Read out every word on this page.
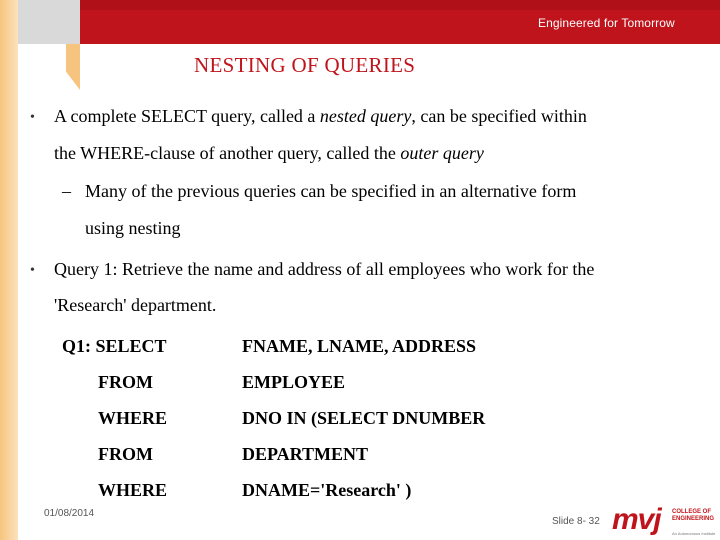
Engineered for Tomorrow
NESTING OF QUERIES
• A complete SELECT query, called a nested query, can be specified within
the WHERE-clause of another query, called the outer query
– Many of the previous queries can be specified in an alternative form
using nesting
• Query 1: Retrieve the name and address of all employees who work for the
'Research' department.
Q1: SELECT	FNAME, LNAME, ADDRESS
FROM	EMPLOYEE
WHERE	DNO IN (SELECT DNUMBER
FROM	DEPARTMENT
WHERE	DNAME='Research' )
01/08/2014
Slide 8- 32 mvj COLLEGE OF ENGINEERING
An Autonomous Institute
